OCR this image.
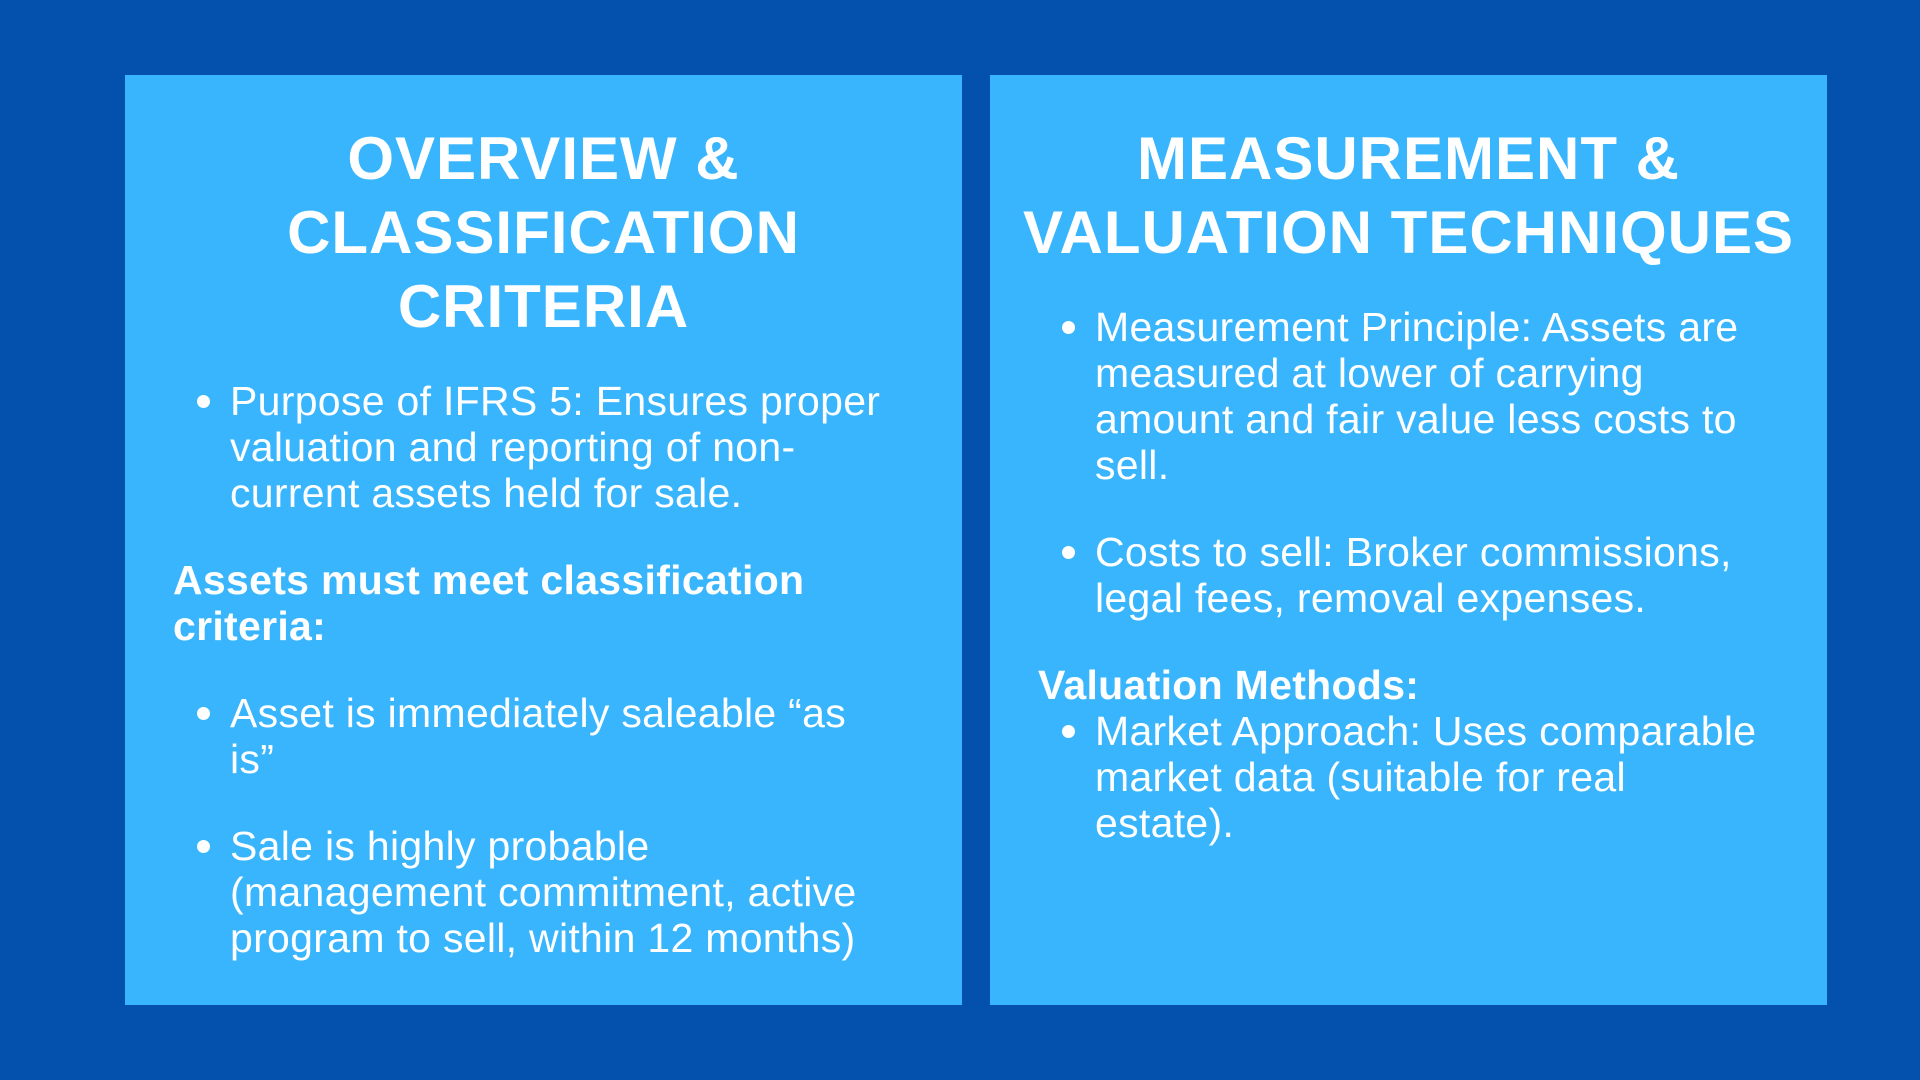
OVERVIEW & CLASSIFICATION CRITERIA
Purpose of IFRS 5: Ensures proper valuation and reporting of non-current assets held for sale.

Assets must meet classification criteria:

Asset is immediately saleable “as is”
Sale is highly probable (management commitment, active program to sell, within 12 months)
MEASUREMENT & VALUATION TECHNIQUES
Measurement Principle: Assets are measured at lower of carrying amount and fair value less costs to sell.
Costs to sell: Broker commissions, legal fees, removal expenses.

Valuation Methods:

Market Approach: Uses comparable market data (suitable for real estate).
